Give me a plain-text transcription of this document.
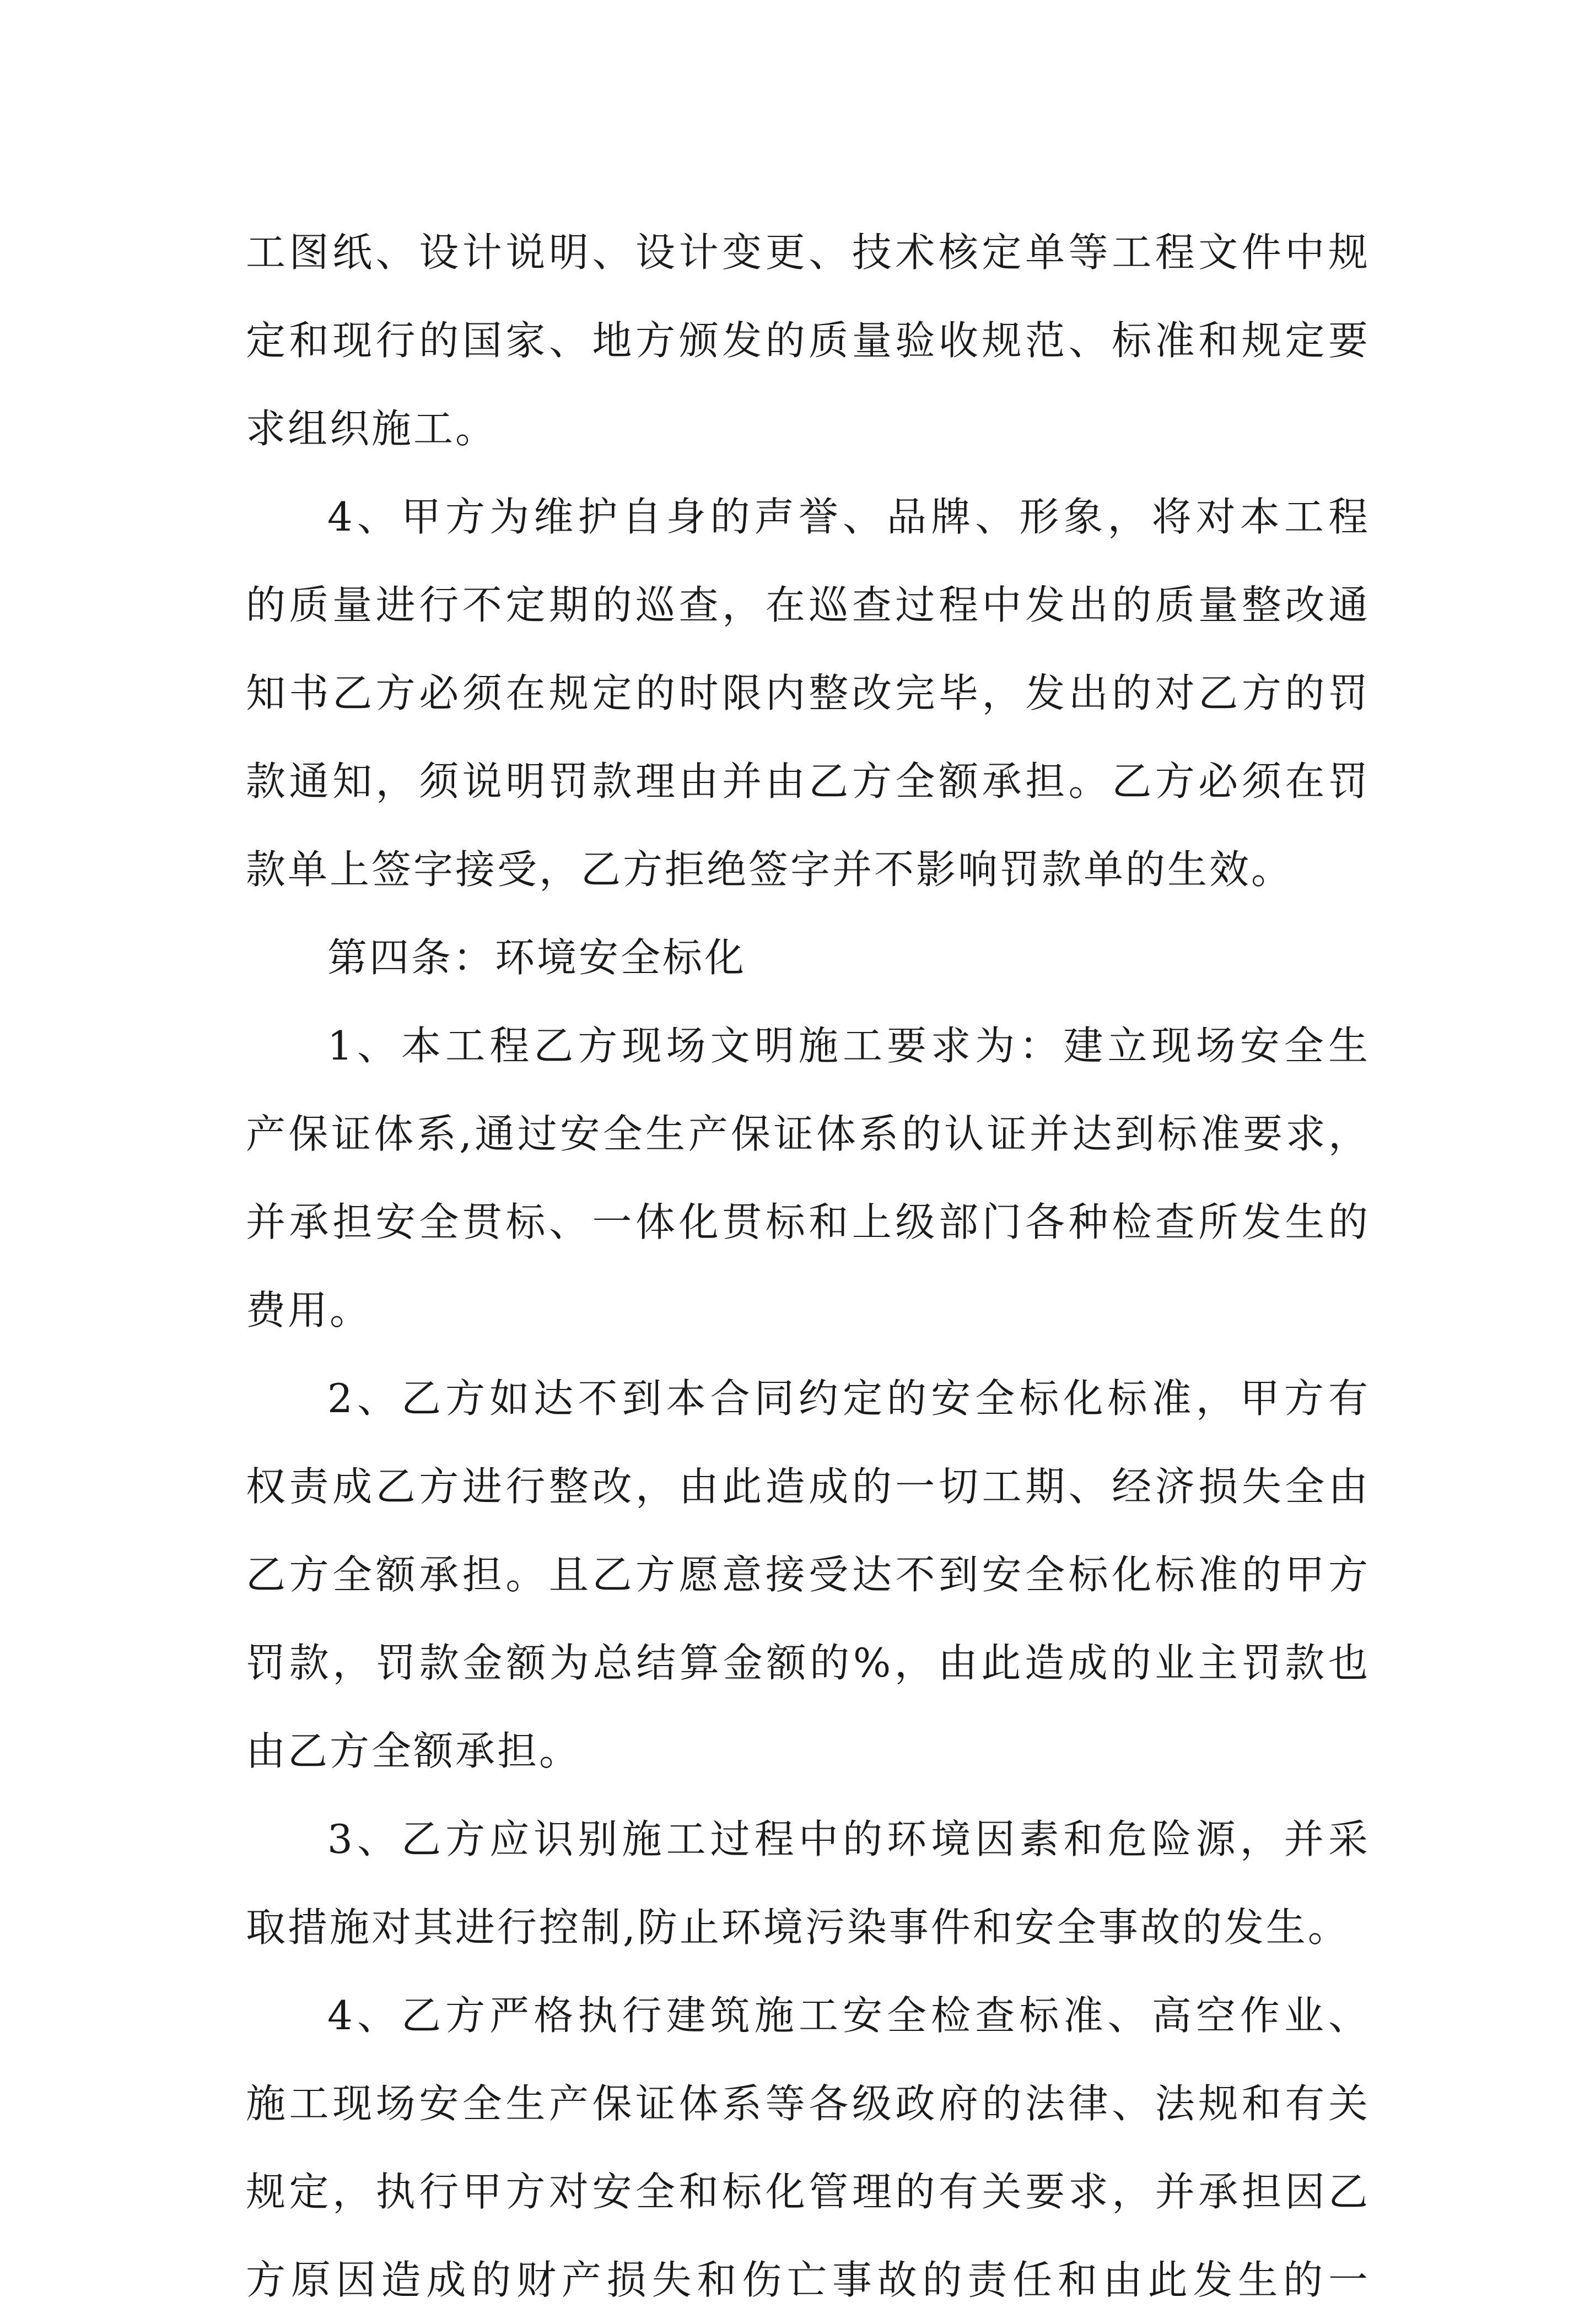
工图纸、设计说明、设计变更、技术核定单等工程文件中规
定和现行的国家、地方颁发的质量验收规范、标准和规定要
求组织施工。
4、甲方为维护自身的声誉、品牌、形象，将对本工程
的质量进行不定期的巡查，在巡查过程中发出的质量整改通
知书乙方必须在规定的时限内整改完毕，发出的对乙方的罚
款通知，须说明罚款理由并由乙方全额承担。乙方必须在罚
款单上签字接受，乙方拒绝签字并不影响罚款单的生效。
第四条：环境安全标化
1、本工程乙方现场文明施工要求为：建立现场安全生
产保证体系,通过安全生产保证体系的认证并达到标准要求，
并承担安全贯标、一体化贯标和上级部门各种检查所发生的
费用。
2、乙方如达不到本合同约定的安全标化标准，甲方有
权责成乙方进行整改，由此造成的一切工期、经济损失全由
乙方全额承担。且乙方愿意接受达不到安全标化标准的甲方
罚款，罚款金额为总结算金额的%，由此造成的业主罚款也
由乙方全额承担。
3、乙方应识别施工过程中的环境因素和危险源，并采
取措施对其进行控制,防止环境污染事件和安全事故的发生。
4、乙方严格执行建筑施工安全检查标准、高空作业、
施工现场安全生产保证体系等各级政府的法律、法规和有关
规定，执行甲方对安全和标化管理的有关要求，并承担因乙
方原因造成的财产损失和伤亡事故的责任和由此发生的一
